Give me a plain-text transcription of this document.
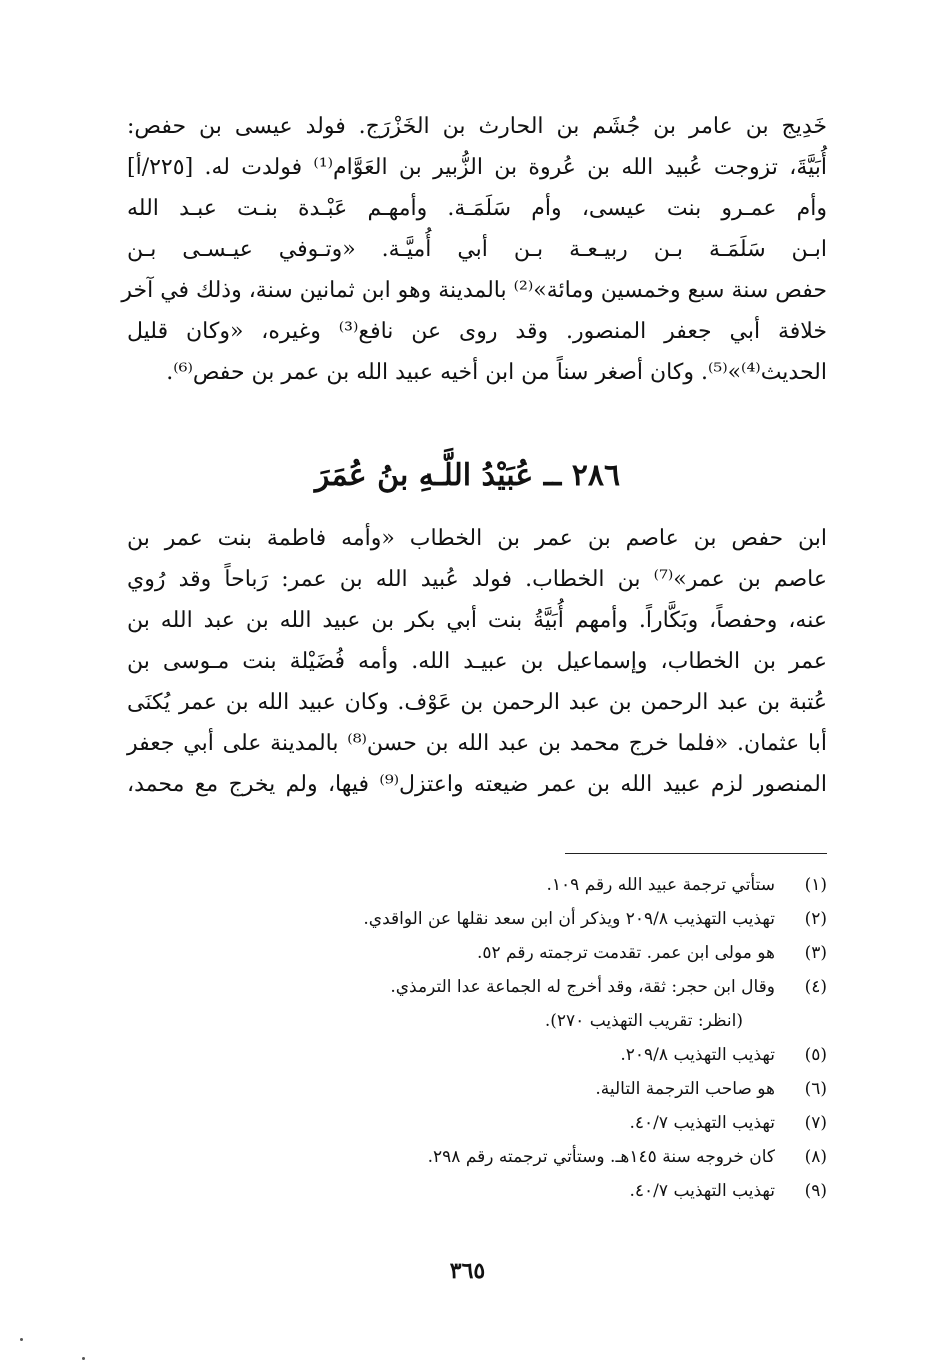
خَدِيج بن عامر بن جُشَم بن الحارث بن الخَزْرَج. فولد عيسى بن حفص:
أُبَيَّةَ، تزوجت عُبيد الله بن عُروة بن الزُّبير بن العَوَّام⁽¹⁾ فولدت له. [٢٢٥/أ]
وأم عمـرو بنت عيسى، وأم سَلَمَـة. وأمهـم عَبْـدة بنـت عبـد الله
ابـن سَلَمَـة بـن ربيـعـة بـن أبي أُميَّـة. «وتـوفي عيـسـى بـن
حفص سنة سبع وخمسين ومائة»⁽²⁾ بالمدينة وهو ابن ثمانين سنة، وذلك في آخر
خلافة أبي جعفر المنصور. وقد روى عن نافع⁽³⁾ وغيره، «وكان قليل
الحديث⁽⁴⁾»⁽⁵⁾. وكان أصغر سناً من ابن أخيه عبيد الله بن عمر بن حفص⁽⁶⁾.
٢٨٦ ــ عُبَيْدُ اللَّـهِ بنُ عُمَرَ
ابن حفص بن عاصم بن عمر بن الخطاب «وأمه فاطمة بنت عمر بن
عاصم بن عمر»⁽⁷⁾ بن الخطاب. فولد عُبيد الله بن عمر: رَباحاً وقد رُوي
عنه، وحفصاً، وبَكَّاراً. وأمهم أُبَيَّةُ بنت أبي بكر بن عبيد الله بن عبد الله بن
عمر بن الخطاب، وإسماعيل بن عبيـد الله. وأمه فُضَيْلة بنت مـوسى بن
عُتبة بن عبد الرحمن بن عبد الرحمن بن عَوْف. وكان عبيد الله بن عمر يُكنَى
أبا عثمان. «فلما خرج محمد بن عبد الله بن حسن⁽⁸⁾ بالمدينة على أبي جعفر
المنصور لزم عبيد الله بن عمر ضيعته واعتزل⁽⁹⁾ فيها، ولم يخرج مع محمد،
(١)
ستأتي ترجمة عبيد الله رقم ١٠٩.
(٢)
تهذيب التهذيب ٢٠٩/٨ ويذكر أن ابن سعد نقلها عن الواقدي.
(٣)
هو مولى ابن عمر. تقدمت ترجمته رقم ٥٢.
(٤)
وقال ابن حجر: ثقة، وقد أخرج له الجماعة عدا الترمذي.
(انظر: تقريب التهذيب ٢٧٠).
(٥)
تهذيب التهذيب ٢٠٩/٨.
(٦)
هو صاحب الترجمة التالية.
(٧)
تهذيب التهذيب ٤٠/٧.
(٨)
كان خروجه سنة ١٤٥هـ. وستأتي ترجمته رقم ٢٩٨.
(٩)
تهذيب التهذيب ٤٠/٧.
٣٦٥
